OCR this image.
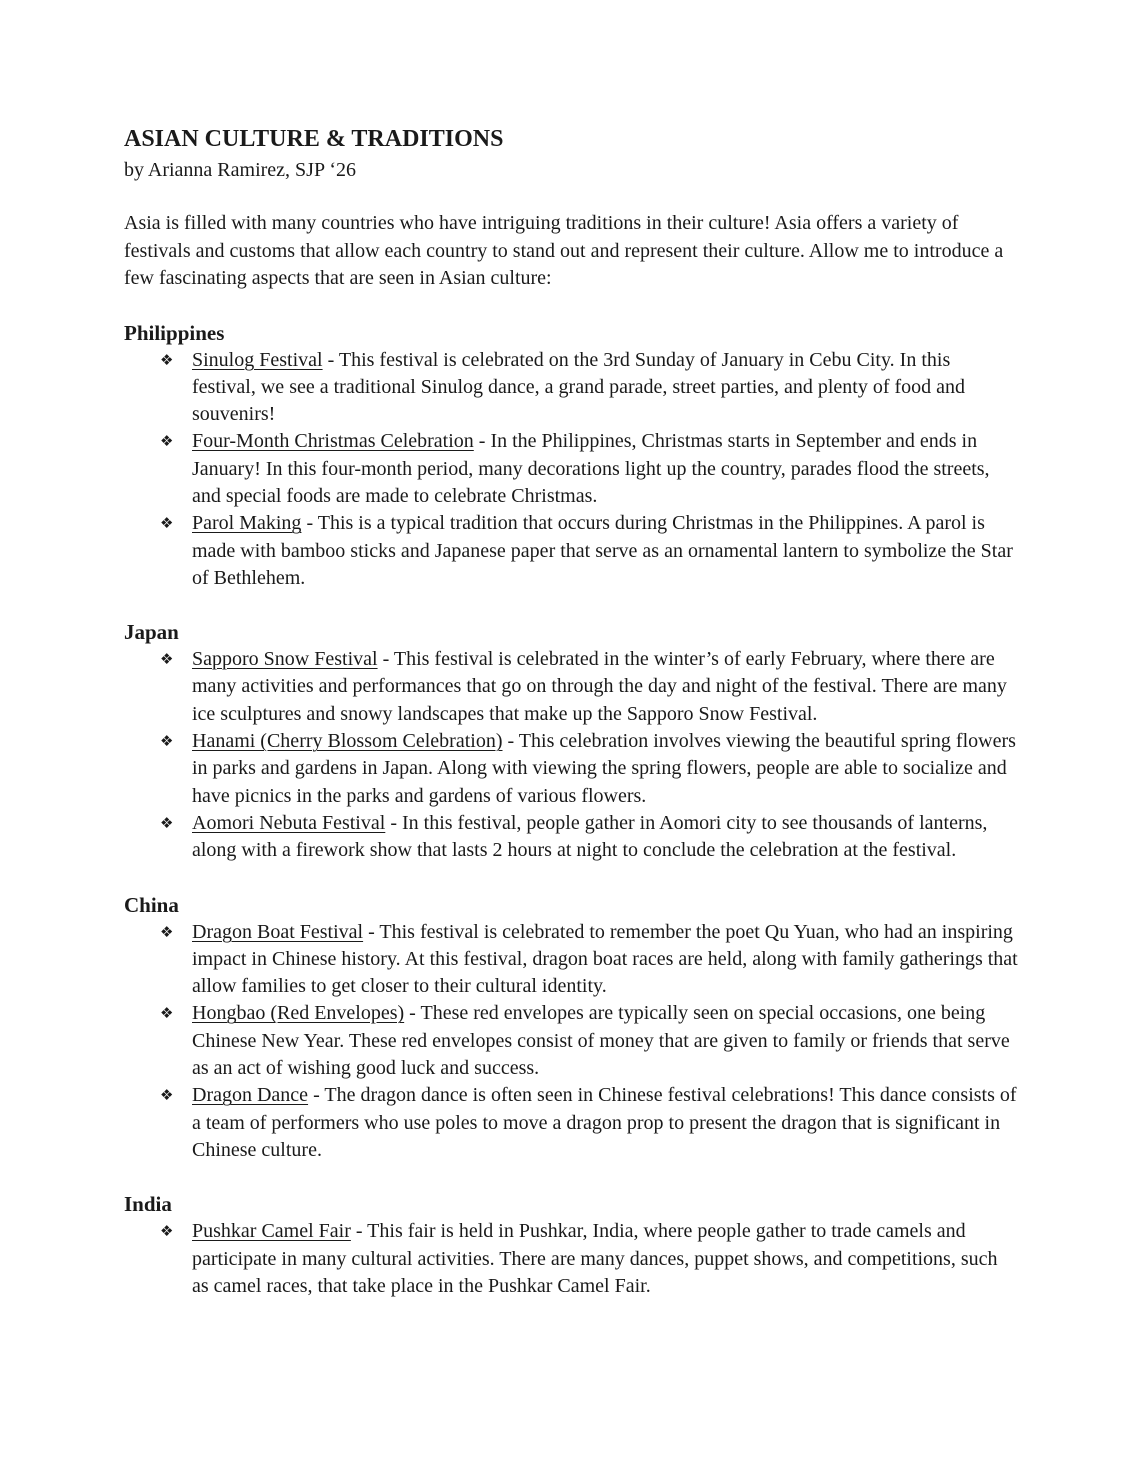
ASIAN CULTURE & TRADITIONS

by Arianna Ramirez, SJP ‘26

Asia is filled with many countries who have intriguing traditions in their culture! Asia offers a variety of festivals and customs that allow each country to stand out and represent their culture. Allow me to introduce a few fascinating aspects that are seen in Asian culture:

Philippines
❖ Sinulog Festival - This festival is celebrated on the 3rd Sunday of January in Cebu City. In this festival, we see a traditional Sinulog dance, a grand parade, street parties, and plenty of food and souvenirs!
❖ Four-Month Christmas Celebration - In the Philippines, Christmas starts in September and ends in January! In this four-month period, many decorations light up the country, parades flood the streets, and special foods are made to celebrate Christmas.
❖ Parol Making - This is a typical tradition that occurs during Christmas in the Philippines. A parol is made with bamboo sticks and Japanese paper that serve as an ornamental lantern to symbolize the Star of Bethlehem.
Japan
❖ Sapporo Snow Festival - This festival is celebrated in the winter’s of early February, where there are many activities and performances that go on through the day and night of the festival. There are many ice sculptures and snowy landscapes that make up the Sapporo Snow Festival.
❖ Hanami (Cherry Blossom Celebration) - This celebration involves viewing the beautiful spring flowers in parks and gardens in Japan. Along with viewing the spring flowers, people are able to socialize and have picnics in the parks and gardens of various flowers.
❖ Aomori Nebuta Festival - In this festival, people gather in Aomori city to see thousands of lanterns, along with a firework show that lasts 2 hours at night to conclude the celebration at the festival.
China
❖ Dragon Boat Festival - This festival is celebrated to remember the poet Qu Yuan, who had an inspiring impact in Chinese history. At this festival, dragon boat races are held, along with family gatherings that allow families to get closer to their cultural identity.
❖ Hongbao (Red Envelopes) - These red envelopes are typically seen on special occasions, one being Chinese New Year. These red envelopes consist of money that are given to family or friends that serve as an act of wishing good luck and success.
❖ Dragon Dance - The dragon dance is often seen in Chinese festival celebrations! This dance consists of a team of performers who use poles to move a dragon prop to present the dragon that is significant in Chinese culture.
India
❖ Pushkar Camel Fair - This fair is held in Pushkar, India, where people gather to trade camels and participate in many cultural activities. There are many dances, puppet shows, and competitions, such as camel races, that take place in the Pushkar Camel Fair.
